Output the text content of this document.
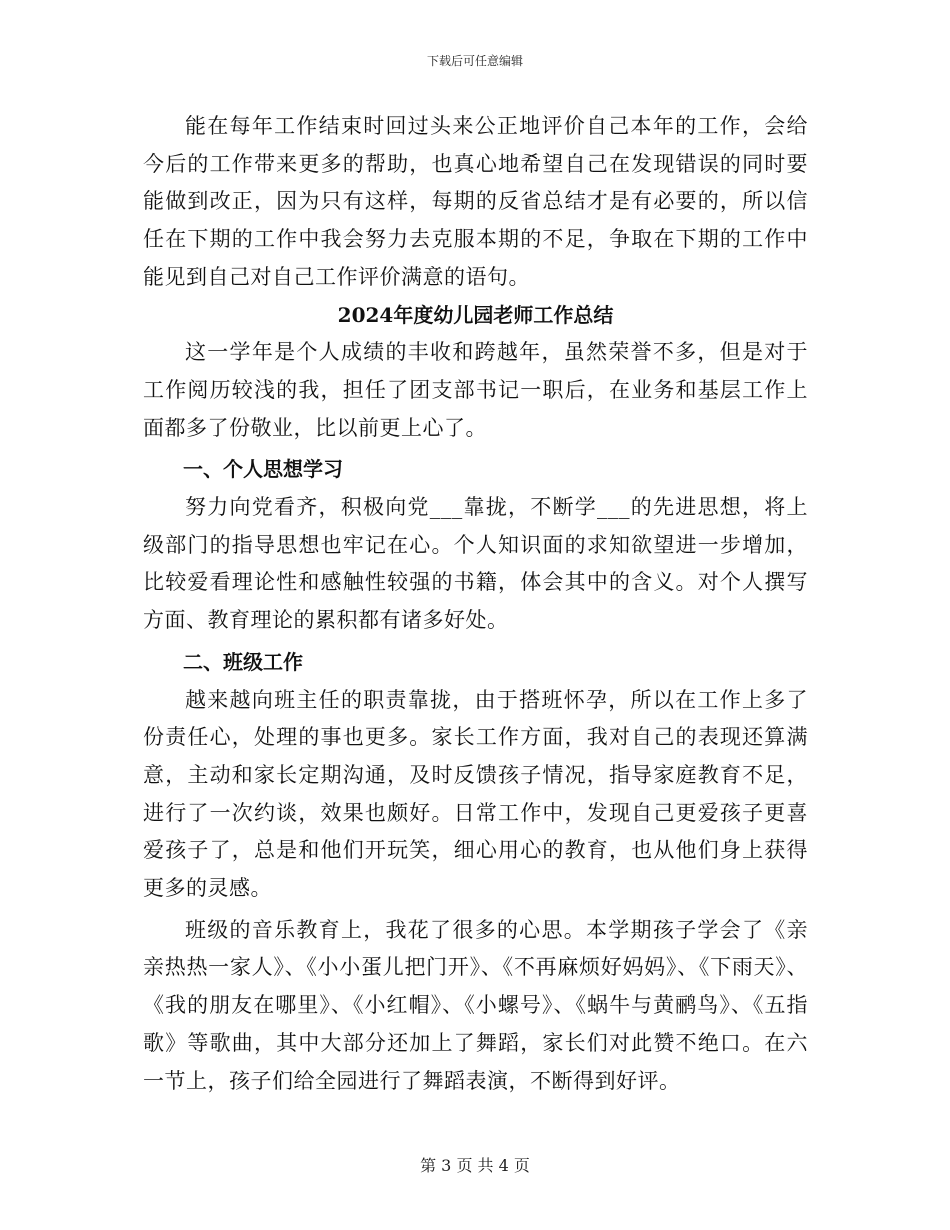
下载后可任意编辑

能在每年工作结束时回过头来公正地评价自己本年的工作，会给今后的工作带来更多的帮助，也真心地希望自己在发现错误的同时要能做到改正，因为只有这样，每期的反省总结才是有必要的，所以信任在下期的工作中我会努力去克服本期的不足，争取在下期的工作中能见到自己对自己工作评价满意的语句。

2024年度幼儿园老师工作总结

这一学年是个人成绩的丰收和跨越年，虽然荣誉不多，但是对于工作阅历较浅的我，担任了团支部书记一职后，在业务和基层工作上面都多了份敬业，比以前更上心了。

一、个人思想学习

努力向党看齐，积极向党___靠拢，不断学___的先进思想，将上级部门的指导思想也牢记在心。个人知识面的求知欲望进一步增加，比较爱看理论性和感触性较强的书籍，体会其中的含义。对个人撰写方面、教育理论的累积都有诸多好处。

二、班级工作

越来越向班主任的职责靠拢，由于搭班怀孕，所以在工作上多了份责任心，处理的事也更多。家长工作方面，我对自己的表现还算满意，主动和家长定期沟通，及时反馈孩子情况，指导家庭教育不足，进行了一次约谈，效果也颇好。日常工作中，发现自己更爱孩子更喜爱孩子了，总是和他们开玩笑，细心用心的教育，也从他们身上获得更多的灵感。

班级的音乐教育上，我花了很多的心思。本学期孩子学会了《亲亲热热一家人》、《小小蛋儿把门开》、《不再麻烦好妈妈》、《下雨天》、《我的朋友在哪里》、《小红帽》、《小螺号》、《蜗牛与黄鹂鸟》、《五指歌》等歌曲，其中大部分还加上了舞蹈，家长们对此赞不绝口。在六一节上，孩子们给全园进行了舞蹈表演，不断得到好评。

第 3 页 共 4 页
